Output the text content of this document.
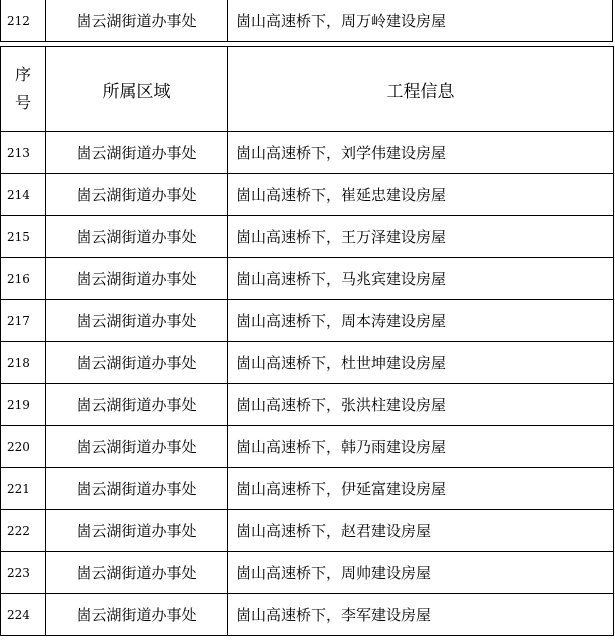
212	崮云湖街道办事处	崮山高速桥下，周万岭建设房屋
序
号	所属区域	工程信息
213	崮云湖街道办事处	崮山高速桥下，刘学伟建设房屋
214	崮云湖街道办事处	崮山高速桥下，崔延忠建设房屋
215	崮云湖街道办事处	崮山高速桥下，王万泽建设房屋
216	崮云湖街道办事处	崮山高速桥下，马兆宾建设房屋
217	崮云湖街道办事处	崮山高速桥下，周本涛建设房屋
218	崮云湖街道办事处	崮山高速桥下，杜世坤建设房屋
219	崮云湖街道办事处	崮山高速桥下，张洪柱建设房屋
220	崮云湖街道办事处	崮山高速桥下，韩乃雨建设房屋
221	崮云湖街道办事处	崮山高速桥下，伊延富建设房屋
222	崮云湖街道办事处	崮山高速桥下，赵君建设房屋
223	崮云湖街道办事处	崮山高速桥下，周帅建设房屋
224	崮云湖街道办事处	崮山高速桥下，李军建设房屋
